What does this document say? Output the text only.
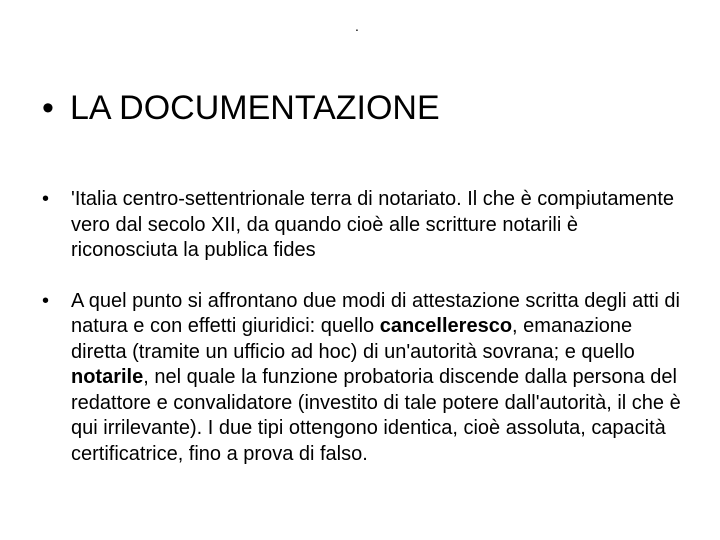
.
• LA DOCUMENTAZIONE
•	'Italia centro-settentrionale terra di notariato. Il che è compiutamente vero dal secolo XII, da quando cioè alle scritture notarili è riconosciuta la publica fides
•	A quel punto si affrontano due modi di attestazione scritta degli atti di natura e con effetti giuridici: quello cancelleresco, emanazione diretta (tramite un ufficio ad hoc) di un'autorità sovrana; e quello notarile, nel quale la funzione probatoria discende dalla persona del redattore e convalidatore (investito di tale potere dall'autorità, il che è qui irrilevante). I due tipi ottengono identica, cioè assoluta, capacità certificatrice, fino a prova di falso.
